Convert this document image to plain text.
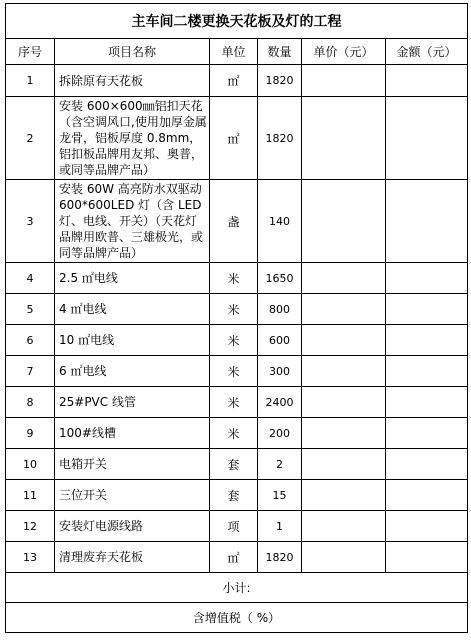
主车间二楼更换天花板及灯的工程					
序号	项目名称	单位	数量	单价（元）	金额（元）
1	拆除原有天花板	㎡	1820		
2	安装 600×600㎜铝扣天花（含空调风口,使用加厚金属龙骨，铝板厚度 0.8mm，铝扣板品牌用友邦、奥普，或同等品牌产品）	㎡	1820		
3	安装 60W 高亮防水双驱动 600*600LED 灯（含 LED 灯、电线、开关）（天花灯品牌用欧普、三雄极光，或同等品牌产品）	盏	140		
4	2.5 ㎡电线	米	1650		
5	4 ㎡电线	米	800		
6	10 ㎡电线	米	600		
7	6 ㎡电线	米	300		
8	25#PVC 线管	米	2400		
9	100#线槽	米	200		
10	电箱开关	套	2		
11	三位开关	套	15		
12	安装灯电源线路	项	1		
13	清理废弃天花板	㎡	1820		
小计:					
含增值税（ %）					
